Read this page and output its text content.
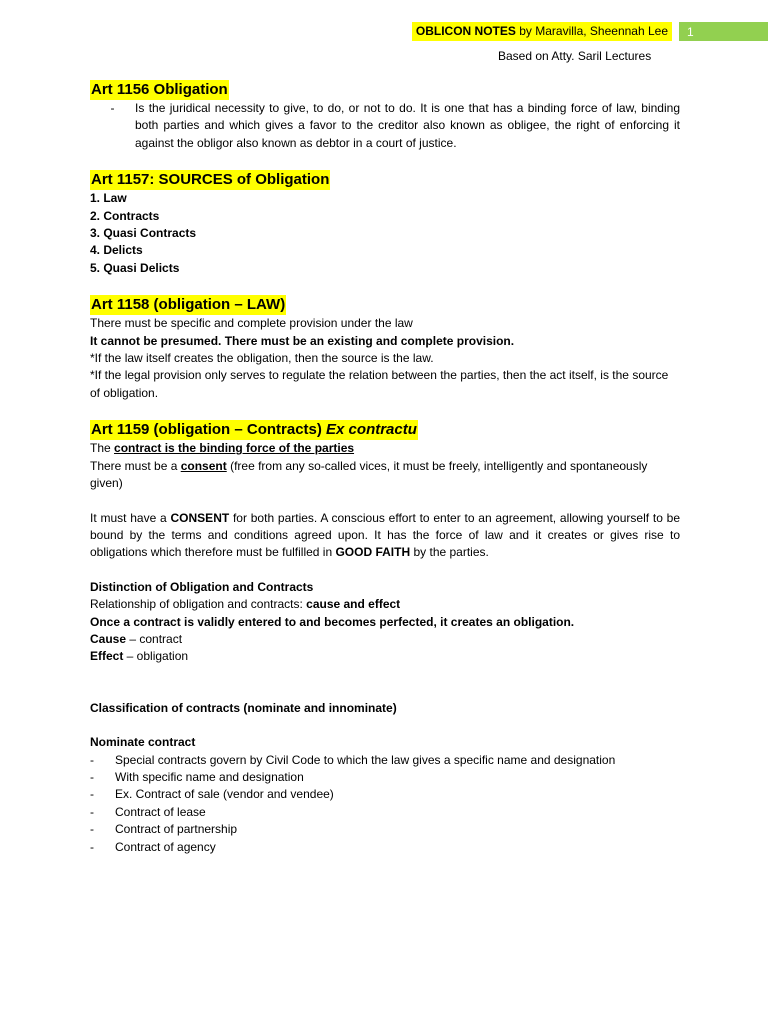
OBLICON NOTES by Maravilla, Sheennah Lee	1
Based on Atty. Saril Lectures
Art 1156 Obligation
-	Is the juridical necessity to give, to do, or not to do. It is one that has a binding force of law, binding both parties and which gives a favor to the creditor also known as obligee, the right of enforcing it against the obligor also known as debtor in a court of justice.
Art 1157: SOURCES of Obligation
1. Law
2. Contracts
3. Quasi Contracts
4. Delicts
5. Quasi Delicts
Art 1158 (obligation – LAW)
There must be specific and complete provision under the law
It cannot be presumed. There must be an existing and complete provision.
*If the law itself creates the obligation, then the source is the law.
*If the legal provision only serves to regulate the relation between the parties, then the act itself, is the source of obligation.
Art 1159 (obligation – Contracts) Ex contractu
The contract is the binding force of the parties
There must be a consent (free from any so-called vices, it must be freely, intelligently and spontaneously given)
It must have a CONSENT for both parties. A conscious effort to enter to an agreement, allowing yourself to be bound by the terms and conditions agreed upon. It has the force of law and it creates or gives rise to obligations which therefore must be fulfilled in GOOD FAITH by the parties.
Distinction of Obligation and Contracts
Relationship of obligation and contracts: cause and effect
Once a contract is validly entered to and becomes perfected, it creates an obligation.
Cause – contract
Effect – obligation
Classification of contracts (nominate and innominate)
Nominate contract
-	Special contracts govern by Civil Code to which the law gives a specific name and designation
-	With specific name and designation
-	Ex. Contract of sale (vendor and vendee)
-	Contract of lease
-	Contract of partnership
-	Contract of agency
